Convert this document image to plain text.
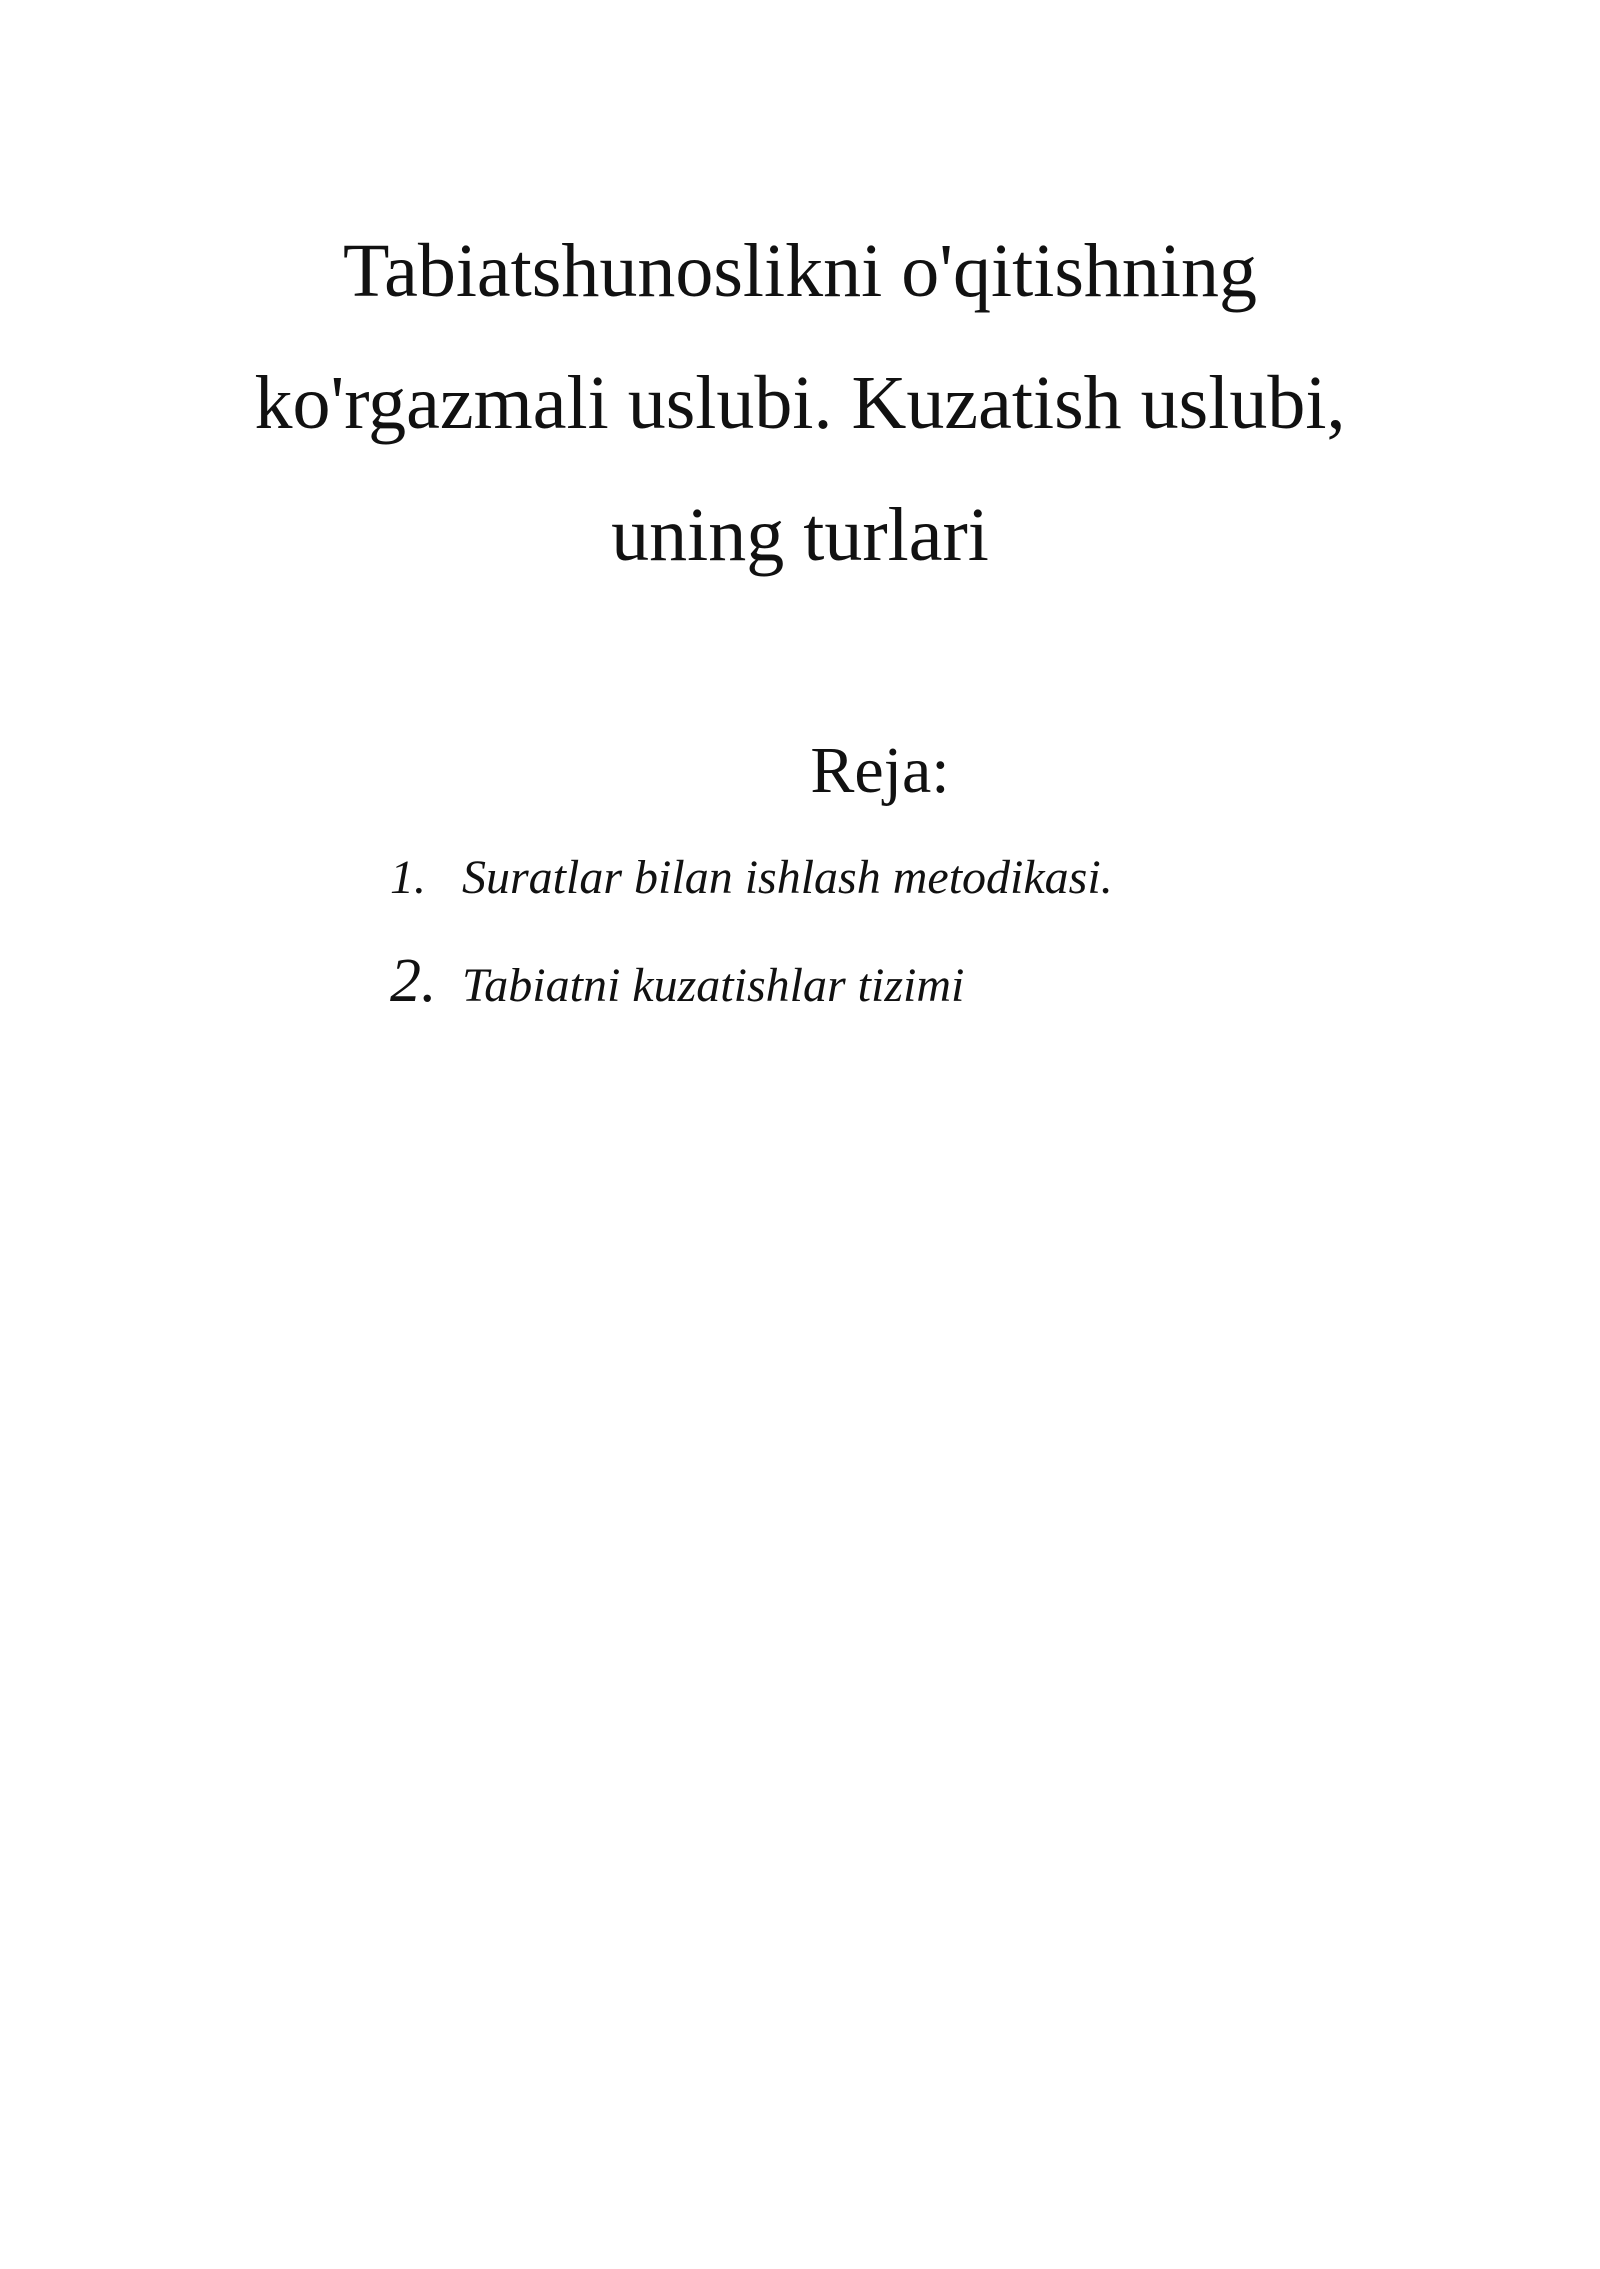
Tabiatshunoslikni o'qitishning
ko'rgazmali uslubi. Kuzatish uslubi,
uning turlari
Reja:
1. Suratlar bilan ishlash metodikasi.
2. Tabiatni kuzatishlar tizimi
